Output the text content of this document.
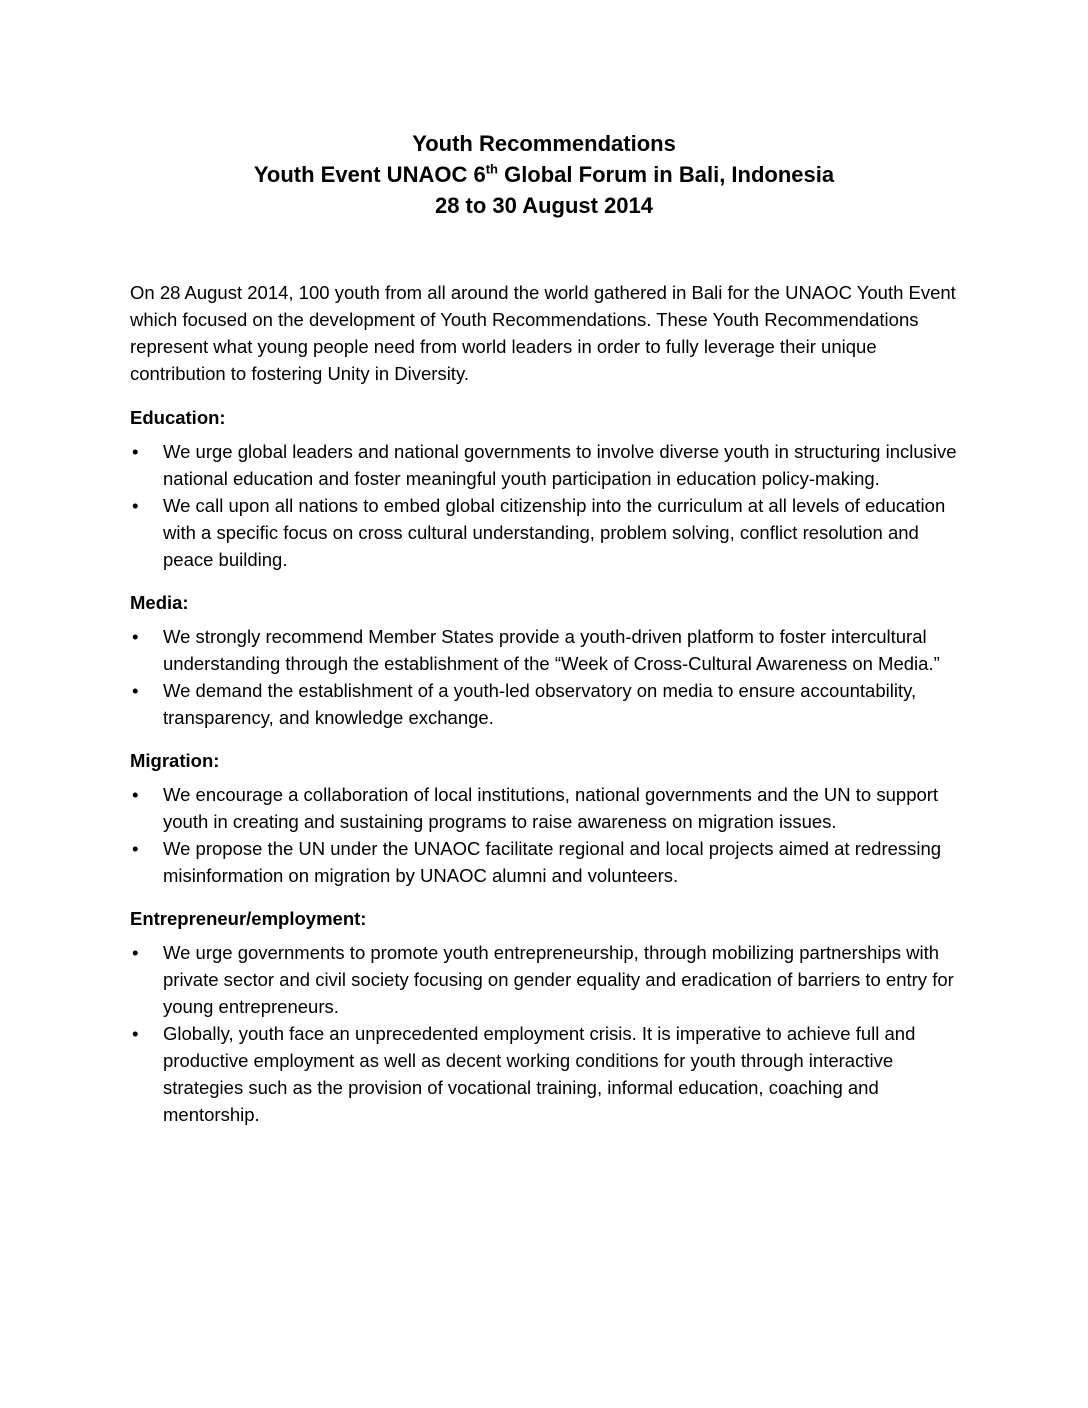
Youth Recommendations
Youth Event UNAOC 6th Global Forum in Bali, Indonesia
28 to 30 August 2014

On 28 August 2014, 100 youth from all around the world gathered in Bali for the UNAOC Youth Event which focused on the development of Youth Recommendations. These Youth Recommendations represent what young people need from world leaders in order to fully leverage their unique contribution to fostering Unity in Diversity.

Education:
• We urge global leaders and national governments to involve diverse youth in structuring inclusive national education and foster meaningful youth participation in education policy-making.
• We call upon all nations to embed global citizenship into the curriculum at all levels of education with a specific focus on cross cultural understanding, problem solving, conflict resolution and peace building.
Media:
• We strongly recommend Member States provide a youth-driven platform to foster intercultural understanding through the establishment of the “Week of Cross-Cultural Awareness on Media.”
• We demand the establishment of a youth-led observatory on media to ensure accountability, transparency, and knowledge exchange.
Migration:
• We encourage a collaboration of local institutions, national governments and the UN to support youth in creating and sustaining programs to raise awareness on migration issues.
• We propose the UN under the UNAOC facilitate regional and local projects aimed at redressing misinformation on migration by UNAOC alumni and volunteers.
Entrepreneur/employment:
• We urge governments to promote youth entrepreneurship, through mobilizing partnerships with private sector and civil society focusing on gender equality and eradication of barriers to entry for young entrepreneurs.
• Globally, youth face an unprecedented employment crisis. It is imperative to achieve full and productive employment as well as decent working conditions for youth through interactive strategies such as the provision of vocational training, informal education, coaching and mentorship.
